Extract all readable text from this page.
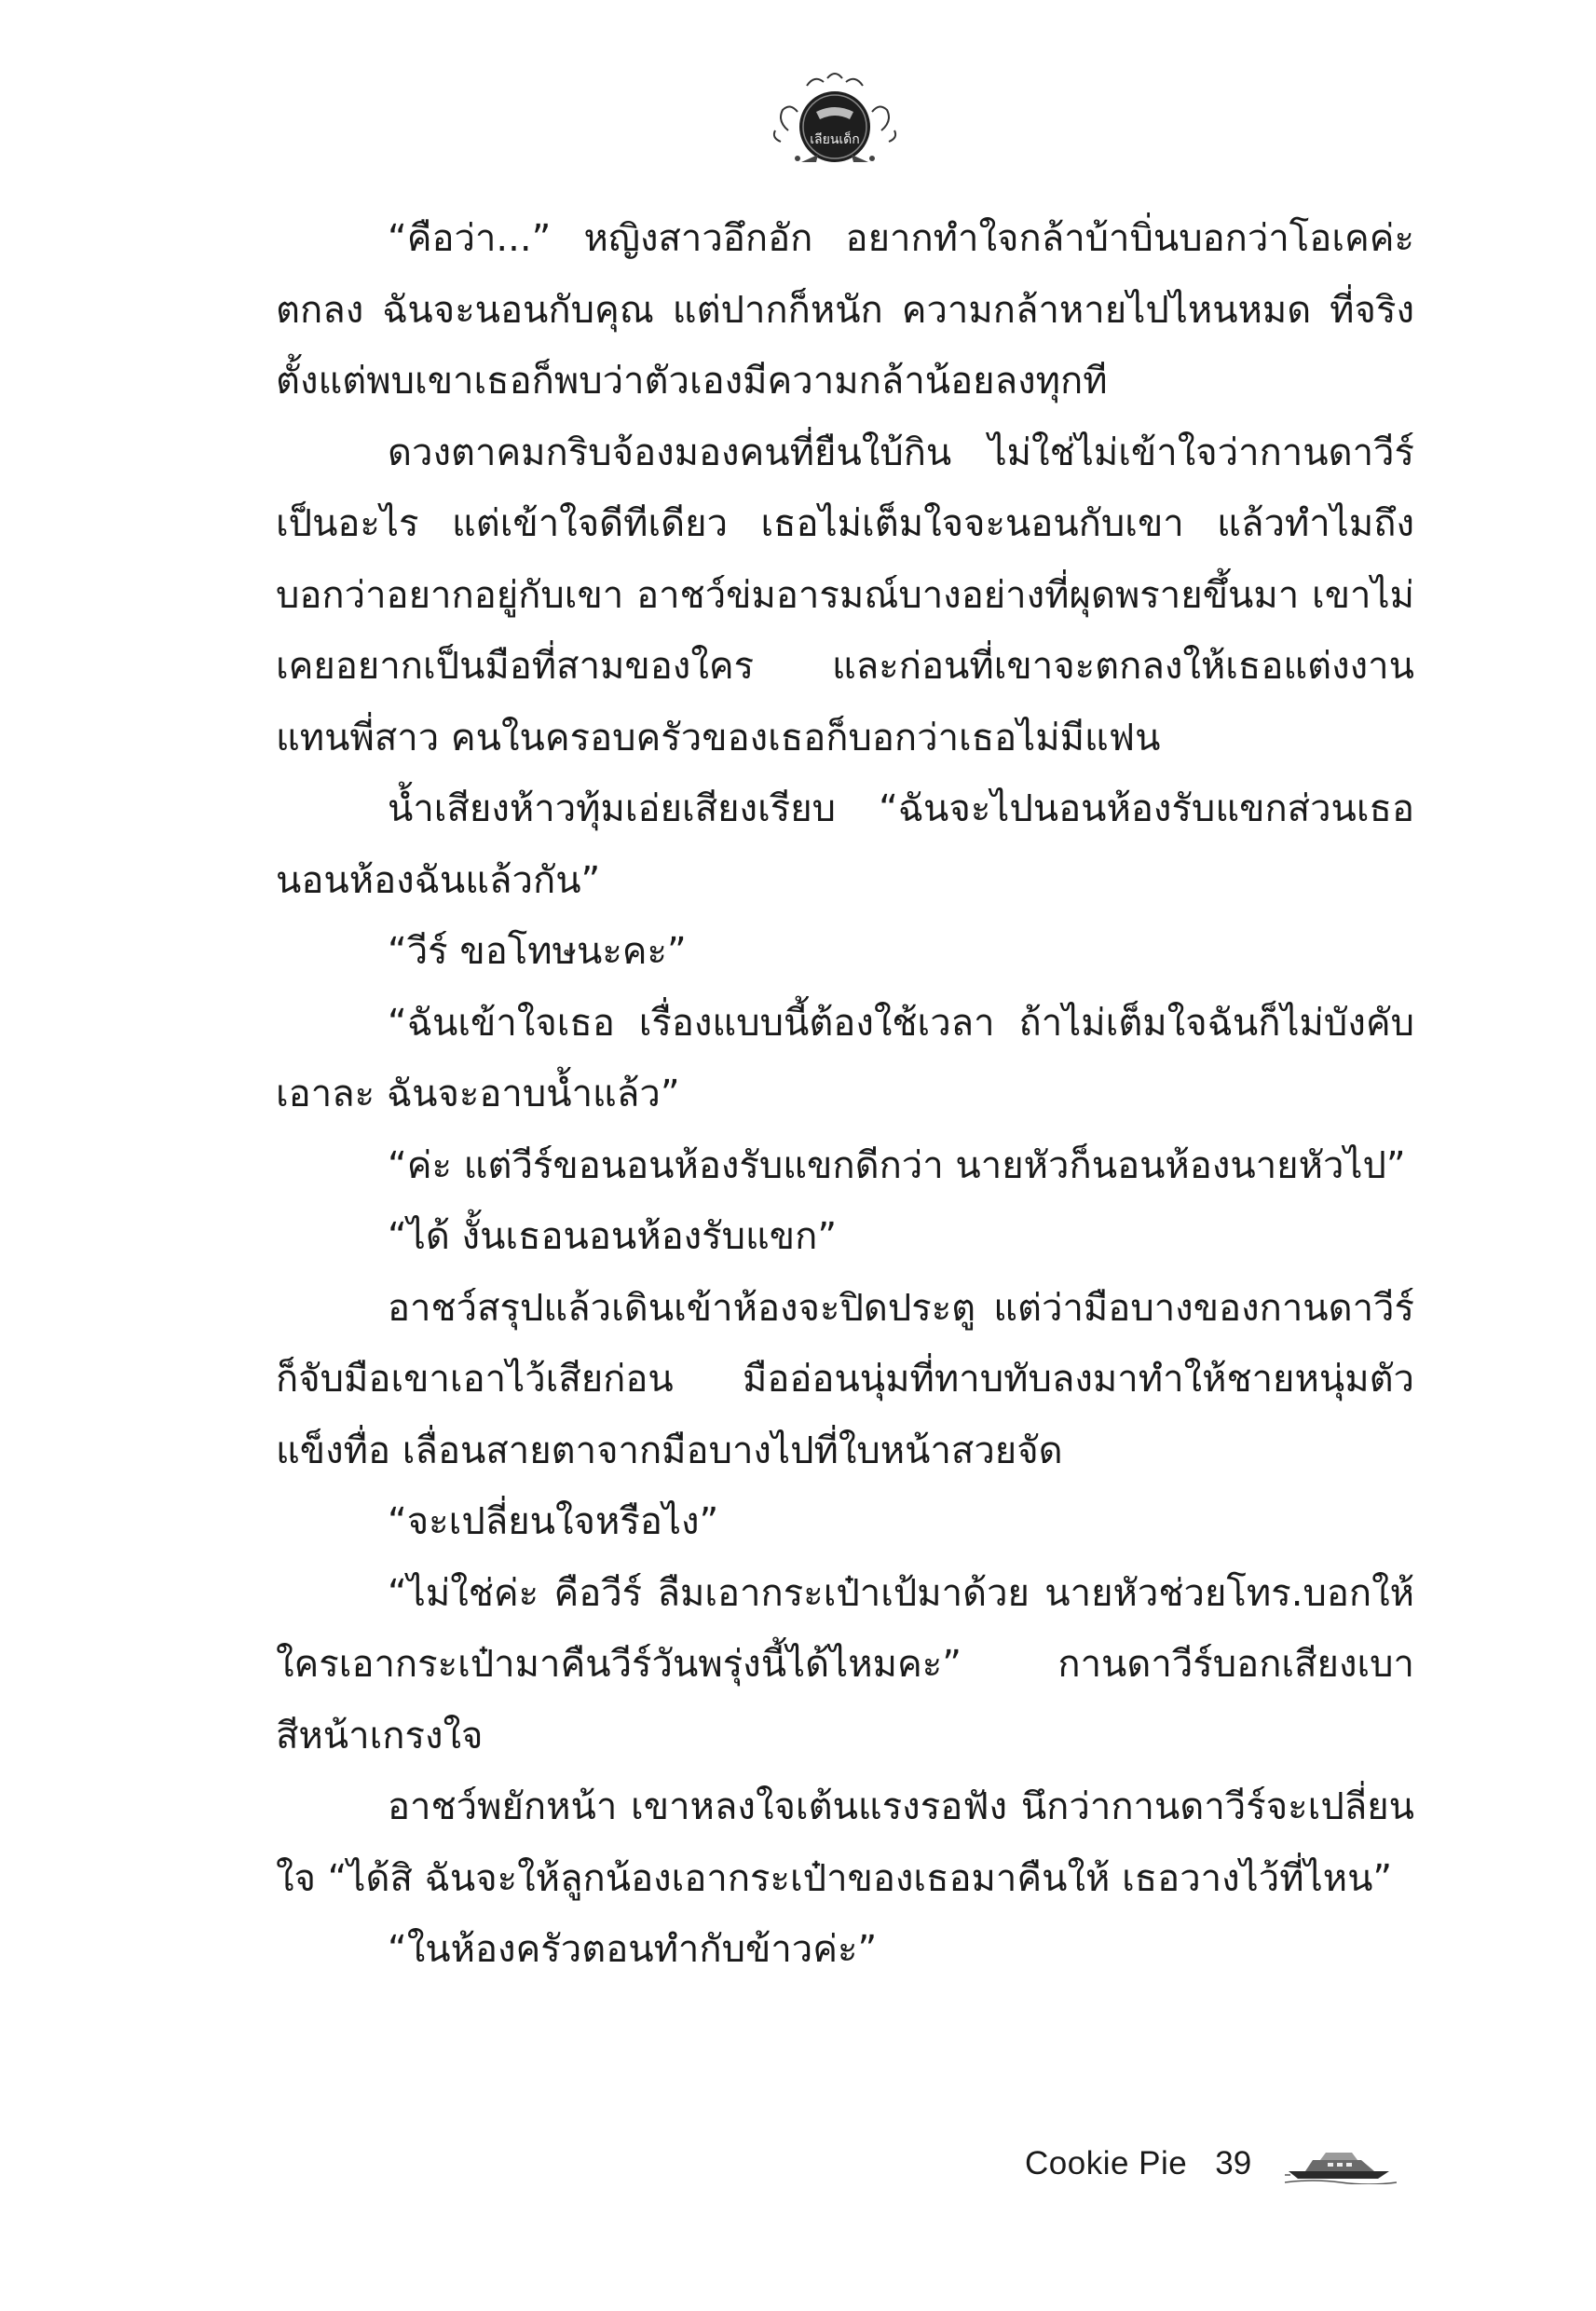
เลียนเด็ก

“คือว่า...” หญิงสาวอึกอัก อยากทำใจกล้าบ้าบิ่นบอกว่าโอเคค่ะ ตกลง ฉันจะนอนกับคุณ แต่ปากก็หนัก ความกล้าหายไปไหนหมด ที่จริงตั้งแต่พบเขาเธอก็พบว่าตัวเองมีความกล้าน้อยลงทุกที

ดวงตาคมกริบจ้องมองคนที่ยืนใบ้กิน ไม่ใช่ไม่เข้าใจว่ากานดาวีร์เป็นอะไร แต่เข้าใจดีทีเดียว เธอไม่เต็มใจจะนอนกับเขา แล้วทำไมถึงบอกว่าอยากอยู่กับเขา อาชว์ข่มอารมณ์บางอย่างที่ผุดพรายขึ้นมา เขาไม่เคยอยากเป็นมือที่สามของใคร และก่อนที่เขาจะตกลงให้เธอแต่งงานแทนพี่สาว คนในครอบครัวของเธอก็บอกว่าเธอไม่มีแฟน

น้ำเสียงห้าวทุ้มเอ่ยเสียงเรียบ “ฉันจะไปนอนห้องรับแขกส่วนเธอนอนห้องฉันแล้วกัน”

“วีร์ ขอโทษนะคะ”

“ฉันเข้าใจเธอ เรื่องแบบนี้ต้องใช้เวลา ถ้าไม่เต็มใจฉันก็ไม่บังคับเอาละ ฉันจะอาบน้ำแล้ว”

“ค่ะ แต่วีร์ขอนอนห้องรับแขกดีกว่า นายหัวก็นอนห้องนายหัวไป”

“ได้ งั้นเธอนอนห้องรับแขก”

อาชว์สรุปแล้วเดินเข้าห้องจะปิดประตู แต่ว่ามือบางของกานดาวีร์ก็จับมือเขาเอาไว้เสียก่อน มืออ่อนนุ่มที่ทาบทับลงมาทำให้ชายหนุ่มตัวแข็งทื่อ เลื่อนสายตาจากมือบางไปที่ใบหน้าสวยจัด

“จะเปลี่ยนใจหรือไง”

“ไม่ใช่ค่ะ คือวีร์ ลืมเอากระเป๋าเป้มาด้วย นายหัวช่วยโทร.บอกให้ใครเอากระเป๋ามาคืนวีร์วันพรุ่งนี้ได้ไหมคะ” กานดาวีร์บอกเสียงเบาสีหน้าเกรงใจ

อาชว์พยักหน้า เขาหลงใจเต้นแรงรอฟัง นึกว่ากานดาวีร์จะเปลี่ยนใจ “ได้สิ ฉันจะให้ลูกน้องเอากระเป๋าของเธอมาคืนให้ เธอวางไว้ที่ไหน”

“ในห้องครัวตอนทำกับข้าวค่ะ”

Cookie Pie 39
